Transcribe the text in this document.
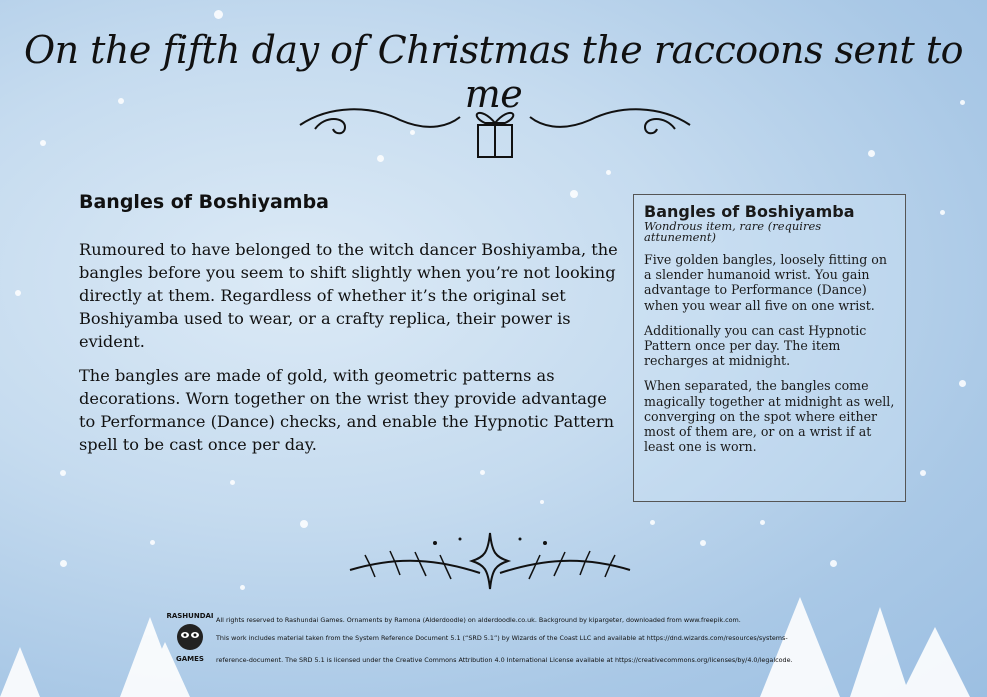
On the fifth day of Christmas the raccoons sent to me
Bangles of Boshiyamba
Rumoured to have belonged to the witch dancer Boshiyamba, the bangles before you seem to shift slightly when you’re not looking directly at them. Regardless of whether it’s the original set Boshiyamba used to wear, or a crafty replica, their power is evident.
The bangles are made of gold, with geometric patterns as decorations. Worn together on the wrist they provide advantage to Performance (Dance) checks, and enable the Hypnotic Pattern spell to be cast once per day.
Bangles of Boshiyamba
Wondrous item, rare (requires attunement)

Five golden bangles, loosely fitting on a slender humanoid wrist. You gain advantage to Performance (Dance) when you wear all five on one wrist.

Additionally you can cast Hypnotic Pattern once per day. The item recharges at midnight.

When separated, the bangles come magically together at midnight as well, converging on the spot where either most of them are, or on a wrist if at least one is worn.

RASHUNDAI
GAMES
All rights reserved to Rashundai Games. Ornaments by Ramona (Alderdoodle) on alderdoodle.co.uk. Background by kipargeter, downloaded from www.freepik.com.
This work includes material taken from the System Reference Document 5.1 (“SRD 5.1”) by Wizards of the Coast LLC and available at https://dnd.wizards.com/resources/systems-
reference-document. The SRD 5.1 is licensed under the Creative Commons Attribution 4.0 International License available at https://creativecommons.org/licenses/by/4.0/legalcode.
